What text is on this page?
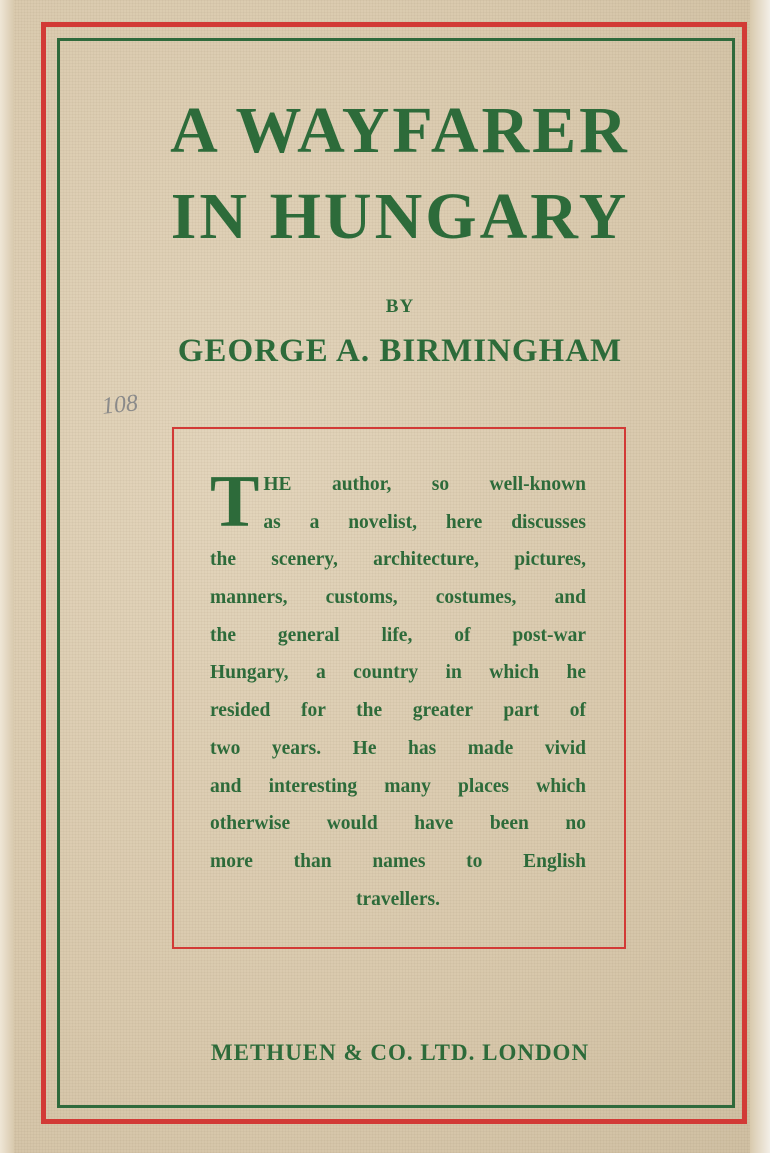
A WAYFARER
IN HUNGARY
BY
GEORGE A. BIRMINGHAM
108
T HE author, so well-known
as a novelist, here discusses
the scenery, architecture, pictures,
manners, customs, costumes, and
the general life, of post-war
Hungary, a country in which he
resided for the greater part of
two years. He has made vivid
and interesting many places which
otherwise would have been no
more than names to English
travellers.
METHUEN & CO. LTD. LONDON
